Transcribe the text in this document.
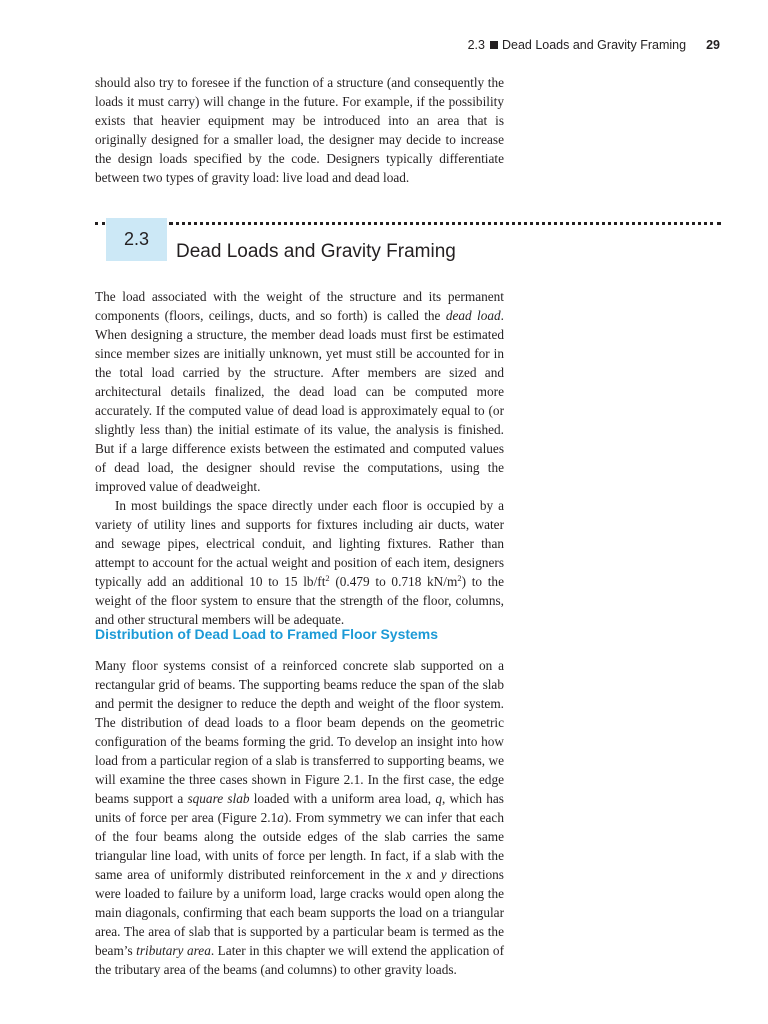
2.3 Dead Loads and Gravity Framing 29

should also try to foresee if the function of a structure (and consequently the loads it must carry) will change in the future. For example, if the possibility exists that heavier equipment may be introduced into an area that is originally designed for a smaller load, the designer may decide to increase the design loads specified by the code. Designers typically differentiate between two types of gravity load: live load and dead load.

2.3
Dead Loads and Gravity Framing

The load associated with the weight of the structure and its permanent components (floors, ceilings, ducts, and so forth) is called the dead load. When designing a structure, the member dead loads must first be estimated since member sizes are initially unknown, yet must still be accounted for in the total load carried by the structure. After members are sized and architectural details finalized, the dead load can be computed more accurately. If the computed value of dead load is approximately equal to (or slightly less than) the initial estimate of its value, the analysis is finished. But if a large difference exists between the estimated and computed values of dead load, the designer should revise the computations, using the improved value of deadweight.

In most buildings the space directly under each floor is occupied by a variety of utility lines and supports for fixtures including air ducts, water and sewage pipes, electrical conduit, and lighting fixtures. Rather than attempt to account for the actual weight and position of each item, designers typically add an additional 10 to 15 $lb/ft^2$ (0.479 to 0.718 $kN/m^2$) to the weight of the floor system to ensure that the strength of the floor, columns, and other structural members will be adequate.

Distribution of Dead Load to Framed Floor Systems

Many floor systems consist of a reinforced concrete slab supported on a rectangular grid of beams. The supporting beams reduce the span of the slab and permit the designer to reduce the depth and weight of the floor system. The distribution of dead loads to a floor beam depends on the geometric configuration of the beams forming the grid. To develop an insight into how load from a particular region of a slab is transferred to supporting beams, we will examine the three cases shown in Figure 2.1. In the first case, the edge beams support a square slab loaded with a uniform area load, q, which has units of force per area (Figure 2.1a). From symmetry we can infer that each of the four beams along the outside edges of the slab carries the same triangular line load, with units of force per length. In fact, if a slab with the same area of uniformly distributed reinforcement in the x and y directions were loaded to failure by a uniform load, large cracks would open along the main diagonals, confirming that each beam supports the load on a triangular area. The area of slab that is supported by a particular beam is termed as the beam’s tributary area. Later in this chapter we will extend the application of the tributary area of the beams (and columns) to other gravity loads.
